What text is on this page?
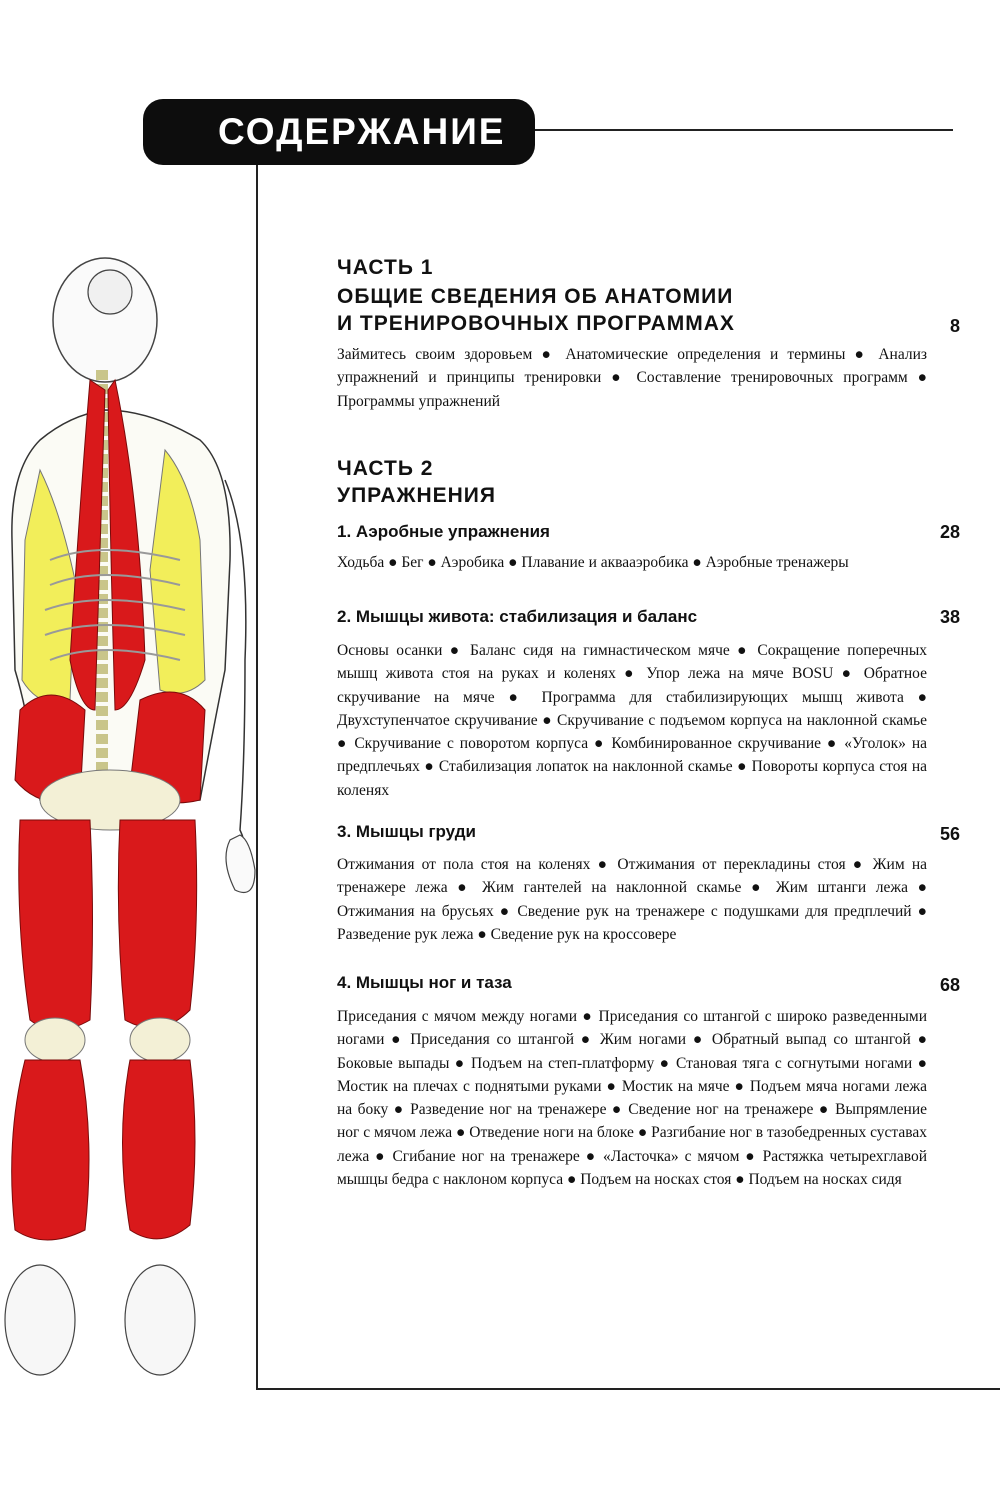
СОДЕРЖАНИЕ
ЧАСТЬ 1
ОБЩИЕ СВЕДЕНИЯ ОБ АНАТОМИИ
И ТРЕНИРОВОЧНЫХ ПРОГРАММАХ	8
Займитесь своим здоровьем ● Анатомические определения и термины ● Анализ упражнений и принципы тренировки ● Составление тренировочных программ ● Программы упражнений
ЧАСТЬ 2
УПРАЖНЕНИЯ
1. Аэробные упражнения	28
Ходьба ● Бег ● Аэробика ● Плавание и аквааэробика ● Аэробные тренажеры
2. Мышцы живота: стабилизация и баланс	38
Основы осанки ● Баланс сидя на гимнастическом мяче ● Сокращение поперечных мышц живота стоя на руках и коленях ● Упор лежа на мяче BOSU ● Обратное скручивание на мяче ● Программа для стабилизирующих мышц живота ● Двухступенчатое скручивание ● Скручивание с подъемом корпуса на наклонной скамье ● Скручивание с поворотом корпуса ● Комбинированное скручивание ● «Уголок» на предплечьях ● Стабилизация лопаток на наклонной скамье ● Повороты корпуса стоя на коленях
3. Мышцы груди	56
Отжимания от пола стоя на коленях ● Отжимания от перекладины стоя ● Жим на тренажере лежа ● Жим гантелей на наклонной скамье ● Жим штанги лежа ● Отжимания на брусьях ● Сведение рук на тренажере с подушками для предплечий ● Разведение рук лежа ● Сведение рук на кроссовере
4. Мышцы ног и таза	68
Приседания с мячом между ногами ● Приседания со штангой с широко разведенными ногами ● Приседания со штангой ● Жим ногами ● Обратный выпад со штангой ● Боковые выпады ● Подъем на степ-платформу ● Становая тяга с согнутыми ногами ● Мостик на плечах с поднятыми руками ● Мостик на мяче ● Подъем мяча ногами лежа на боку ● Разведение ног на тренажере ● Сведение ног на тренажере ● Выпрямление ног с мячом лежа ● Отведение ноги на блоке ● Разгибание ног в тазобедренных суставах лежа ● Сгибание ног на тренажере ● «Ласточка» с мячом ● Растяжка четырехглавой мышцы бедра с наклоном корпуса ● Подъем на носках стоя ● Подъем на носках сидя
